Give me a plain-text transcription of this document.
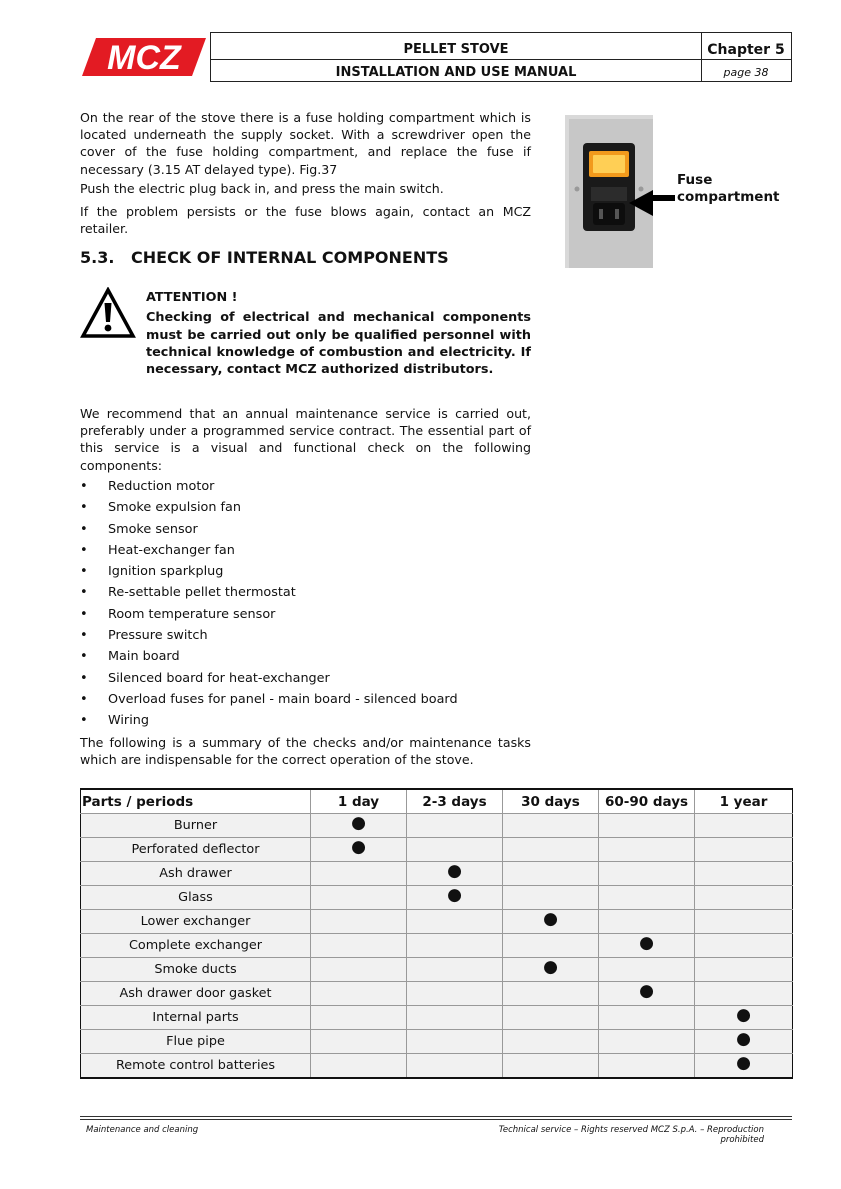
MCZ	PELLET STOVE
INSTALLATION AND USE MANUAL
Chapter 5
page 38

On the rear of the stove there is a fuse holding compartment which is located underneath the supply socket. With a screwdriver open the cover of the fuse holding compartment, and replace the fuse if necessary (3.15 AT delayed type). Fig.37

Push the electric plug back in, and press the main switch.

If the problem persists or the fuse blows again, contact an MCZ retailer.

Fuse
compartment
5.3. CHECK OF INTERNAL COMPONENTS
ATTENTION !
Checking of electrical and mechanical components must be carried out only be qualified personnel with technical knowledge of combustion and electricity. If necessary, contact MCZ authorized distributors.

We recommend that an annual maintenance service is carried out, preferably under a programmed service contract. The essential part of this service is a visual and functional check on the following components:

• Reduction motor
• Smoke expulsion fan
• Smoke sensor
• Heat-exchanger fan
• Ignition sparkplug
• Re-settable pellet thermostat
• Room temperature sensor
• Pressure switch
• Main board
• Silenced board for heat-exchanger
• Overload fuses for panel - main board - silenced board
• Wiring

The following is a summary of the checks and/or maintenance tasks which are indispensable for the correct operation of the stove.

Parts / periods	1 day	2-3 days	30 days	60-90 days	1 year
Burner	●				
Perforated deflector	●				
Ash drawer		●			
Glass		●			
Lower exchanger			●		
Complete exchanger				●	
Smoke ducts			●		
Ash drawer door gasket				●	
Internal parts					●
Flue pipe					●
Remote control batteries					●
Maintenance and cleaning	Technical service – Rights reserved MCZ S.p.A. – Reproduction prohibited
